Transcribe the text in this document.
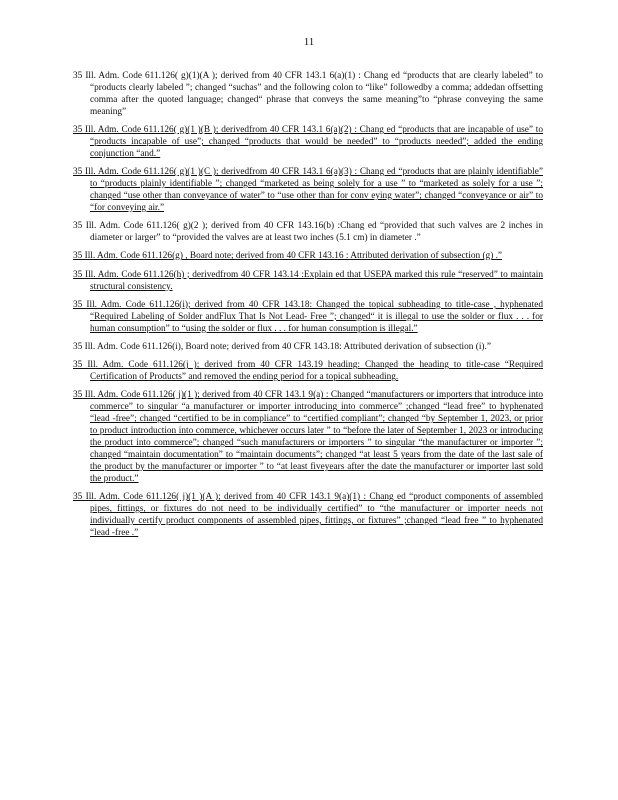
11

35 Ill. Adm. Code 611.126( g)(1)(A ); derived from 40 CFR 143.1 6(a)(1) : Chang ed “products that are clearly labeled” to “products clearly labeled ”; changed “suchas” and the following colon to “like” followedby a comma; addedan offsetting comma after the quoted language; changed“ phrase that conveys the same meaning”to “phrase conveying the same meaning”

35 Ill. Adm. Code 611.126( g)(1 )(B ); derivedfrom 40 CFR 143.1 6(a)(2) : Chang ed “products that are incapable of use” to “products incapable of use”; changed “products that would be needed” to “products needed”; added the ending conjunction “and.”

35 Ill. Adm. Code 611.126( g)(1 )(C ); derivedfrom 40 CFR 143.1 6(a)(3) : Chang ed “products that are plainly identifiable” to “products plainly identifiable ”; changed “marketed as being solely for a use ” to “marketed as solely for a use ”; changed “use other than conveyance of water” to “use other than for conv eying water”; changed “conveyance or air” to “for conveying air.”

35 Ill. Adm. Code 611.126( g)(2 ); derived from 40 CFR 143.16(b) :Chang ed “provided that such valves are 2 inches in diameter or larger” to “provided the valves are at least two inches (5.1 cm) in diameter .”

35 Ill. Adm. Code 611.126(g) , Board note; derived from 40 CFR 143.16 : Attributed derivation of subsection (g) .”

35 Ill. Adm. Code 611.126(h) ; derivedfrom 40 CFR 143.14 :Explain ed that USEPA marked this rule “reserved” to maintain structural consistency.

35 Ill. Adm. Code 611.126(i); derived from 40 CFR 143.18: Changed the topical subheading to title-case , hyphenated “Required Labeling of Solder andFlux That Is Not Lead- Free ”; changed“ it is illegal to use the solder or flux . . . for human consumption” to “using the solder or flux . . . for human consumption is illegal.”

35 Ill. Adm. Code 611.126(i), Board note; derived from 40 CFR 143.18: Attributed derivation of subsection (i).”

35 Ill. Adm. Code 611.126(j ); derived from 40 CFR 143.19 heading: Changed the heading to title-case “Required Certification of Products” and removed the ending period for a topical subheading.

35 Ill. Adm. Code 611.126( j)(1 ); derived from 40 CFR 143.1 9(a) : Changed “manufacturers or importers that introduce into commerce” to singular “a manufacturer or importer introducing into commerce” ;changed “lead free” to hyphenated “lead -free”; changed “certified to be in compliance” to “certified compliant”; changed “by September 1, 2023, or prior to product introduction into commerce, whichever occurs later ” to “before the later of September 1, 2023 or introducing the product into commerce”; changed “such manufacturers or importers ” to singular “the manufacturer or importer ”; changed “maintain documentation” to “maintain documents”; changed “at least 5 years from the date of the last sale of the product by the manufacturer or importer ” to “at least fiveyears after the date the manufacturer or importer last sold the product.”

35 Ill. Adm. Code 611.126( j)(1 )(A ); derived from 40 CFR 143.1 9(a)(1) : Chang ed “product components of assembled pipes, fittings, or fixtures do not need to be individually certified” to “the manufacturer or importer needs not individually certify product components of assembled pipes, fittings, or fixtures” ;changed “lead free ” to hyphenated “lead -free .”
